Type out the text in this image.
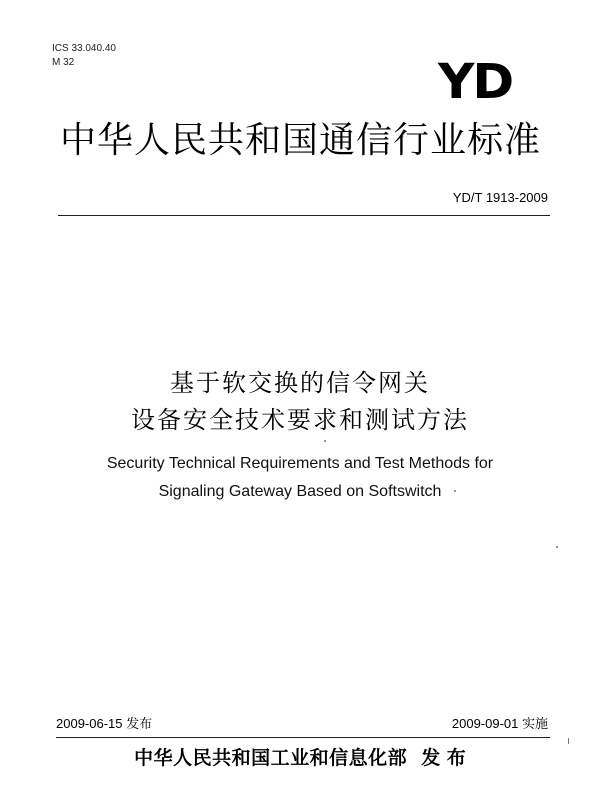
ICS 33.040.40
M 32	YD
中华人民共和国通信行业标准
YD/T 1913-2009
基于软交换的信令网关
设备安全技术要求和测试方法
Security Technical Requirements and Test Methods for
Signaling Gateway Based on Softswitch
2009-06-15 发布	2009-09-01 实施
中华人民共和国工业和信息化部 发 布
